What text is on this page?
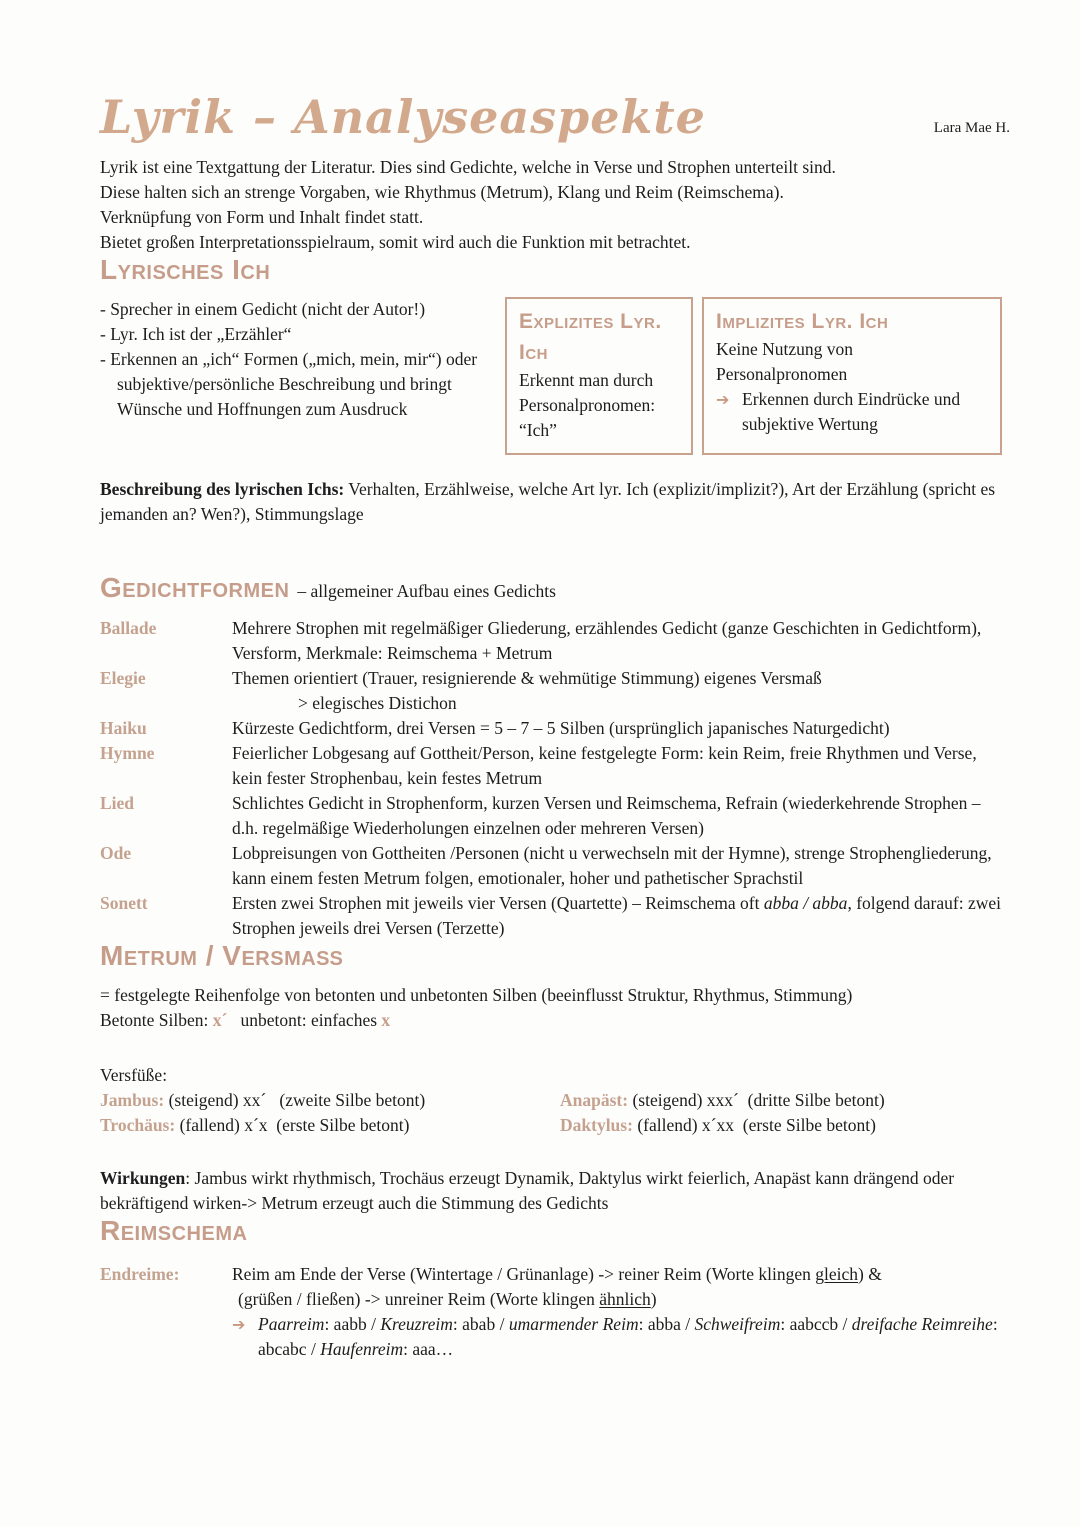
Lyrik – Analyseaspekte	Lara Mae H.
Lyrik ist eine Textgattung der Literatur. Dies sind Gedichte, welche in Verse und Strophen unterteilt sind.
Diese halten sich an strenge Vorgaben, wie Rhythmus (Metrum), Klang und Reim (Reimschema).
Verknüpfung von Form und Inhalt findet statt.
Bietet großen Interpretationsspielraum, somit wird auch die Funktion mit betrachtet.
Lyrisches Ich
- Sprecher in einem Gedicht (nicht der Autor!)
- Lyr. Ich ist der „Erzähler“
- Erkennen an „ich“ Formen („mich, mein, mir“) oder subjektive/persönliche Beschreibung und bringt Wünsche und Hoffnungen zum Ausdruck
Explizites Lyr. Ich
Erkennt man durch Personalpronomen: “Ich”
Implizites Lyr. Ich
Keine Nutzung von Personalpronomen
➔ Erkennen durch Eindrücke und subjektive Wertung
Beschreibung des lyrischen Ichs: Verhalten, Erzählweise, welche Art lyr. Ich (explizit/implizit?), Art der Erzählung (spricht es jemanden an? Wen?), Stimmungslage
Gedichtformen – allgemeiner Aufbau eines Gedichts
Ballade	Mehrere Strophen mit regelmäßiger Gliederung, erzählendes Gedicht (ganze Geschichten in Gedichtform), Versform, Merkmale: Reimschema + Metrum
Elegie	Themen orientiert (Trauer, resignierende & wehmütige Stimmung) eigenes Versmaß
> elegisches Distichon
Haiku	Kürzeste Gedichtform, drei Versen = 5 – 7 – 5 Silben (ursprünglich japanisches Naturgedicht)
Hymne	Feierlicher Lobgesang auf Gottheit/Person, keine festgelegte Form: kein Reim, freie Rhythmen und Verse, kein fester Strophenbau, kein festes Metrum
Lied	Schlichtes Gedicht in Strophenform, kurzen Versen und Reimschema, Refrain (wiederkehrende Strophen – d.h. regelmäßige Wiederholungen einzelnen oder mehreren Versen)
Ode	Lobpreisungen von Gottheiten /Personen (nicht u verwechseln mit der Hymne), strenge Strophengliederung, kann einem festen Metrum folgen, emotionaler, hoher und pathetischer Sprachstil
Sonett	Ersten zwei Strophen mit jeweils vier Versen (Quartette) – Reimschema oft abba / abba, folgend darauf: zwei Strophen jeweils drei Versen (Terzette)
Metrum / Versmaß
= festgelegte Reihenfolge von betonten und unbetonten Silben (beeinflusst Struktur, Rhythmus, Stimmung)
Betonte Silben: x´   unbetont: einfaches x
Versfüße:
Jambus: (steigend) xx´   (zweite Silbe betont)	Anapäst: (steigend) xxx´  (dritte Silbe betont)
Trochäus: (fallend) x´x  (erste Silbe betont)	Daktylus: (fallend) x´xx  (erste Silbe betont)
Wirkungen: Jambus wirkt rhythmisch, Trochäus erzeugt Dynamik, Daktylus wirkt feierlich, Anapäst kann drängend oder bekräftigend wirken-> Metrum erzeugt auch die Stimmung des Gedichts
Reimschema
Endreime:	Reim am Ende der Verse (Wintertage / Grünanlage) -> reiner Reim (Worte klingen gleich) &
(grüßen / fließen) -> unreiner Reim (Worte klingen ähnlich)
➔ Paarreim: aabb / Kreuzreim: abab / umarmender Reim: abba / Schweifreim: aabccb / dreifache Reimreihe: abcabc / Haufenreim: aaa…
